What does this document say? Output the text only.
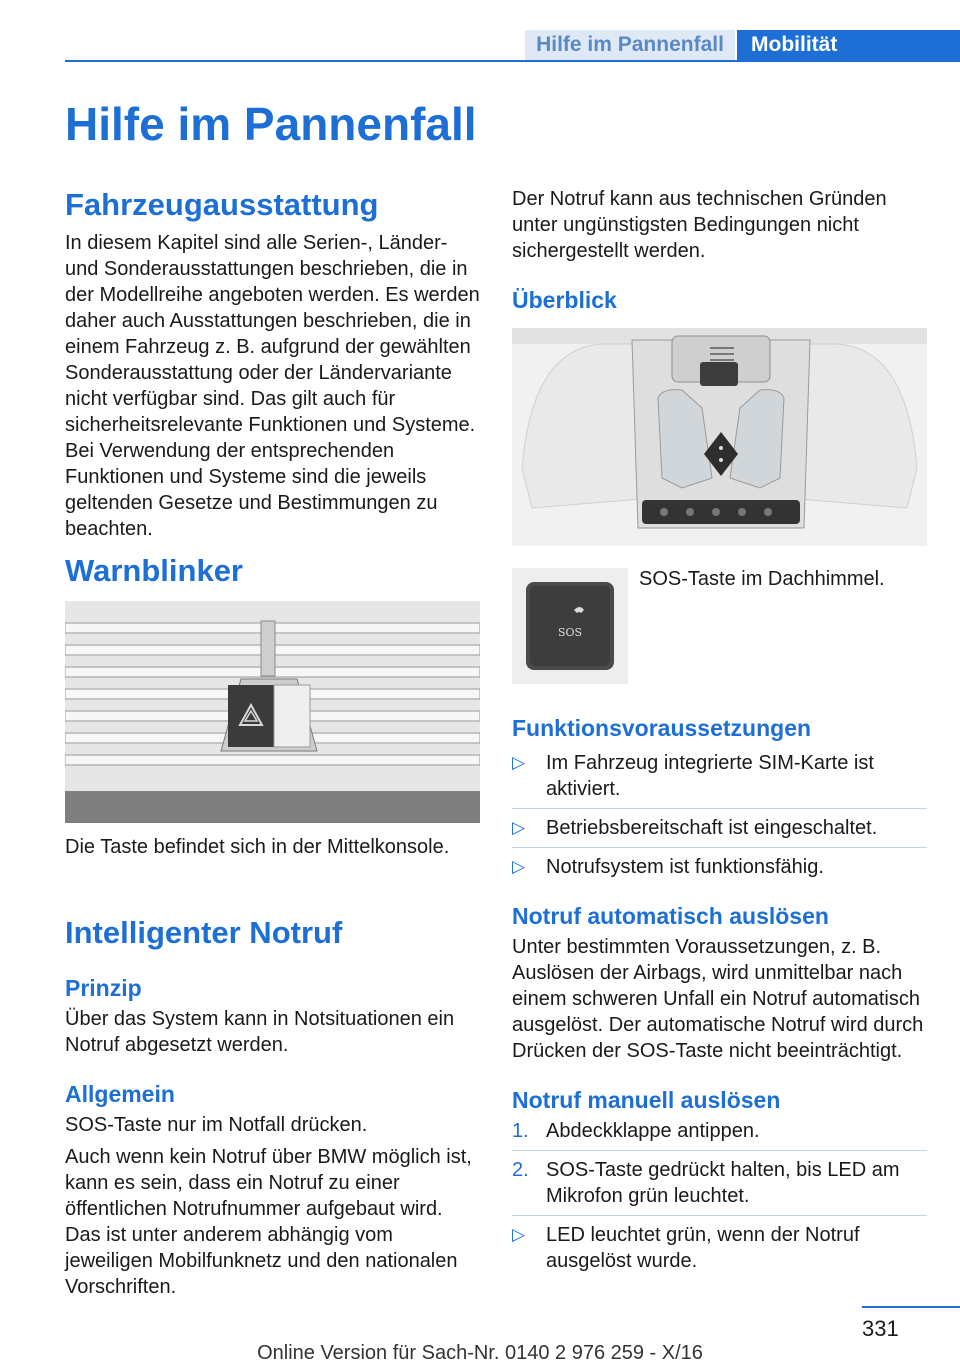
Hilfe im Pannenfall	Mobilität
Hilfe im Pannenfall
Fahrzeugausstattung

In diesem Kapitel sind alle Serien-, Länder- und Sonderausstattungen beschrieben, die in der Modellreihe angeboten werden. Es werden daher auch Ausstattungen beschrieben, die in einem Fahrzeug z. B. aufgrund der gewählten Sonderausstattung oder der Ländervariante nicht verfügbar sind. Das gilt auch für sicherheitsrelevante Funktionen und Systeme. Bei Verwendung der entsprechenden Funktionen und Systeme sind die jeweils geltenden Gesetze und Bestimmungen zu beachten.

Warnblinker
Die Taste befindet sich in der Mittelkonsole.
Intelligenter Notruf
Prinzip

Über das System kann in Notsituationen ein Notruf abgesetzt werden.

Allgemein

SOS-Taste nur im Notfall drücken.

Auch wenn kein Notruf über BMW möglich ist, kann es sein, dass ein Notruf zu einer öffentlichen Notrufnummer aufgebaut wird. Das ist unter anderem abhängig vom jeweiligen Mobilfunknetz und den nationalen Vorschriften.

Der Notruf kann aus technischen Gründen unter ungünstigsten Bedingungen nicht sichergestellt werden.

Überblick
SOS
SOS-Taste im Dachhimmel.
Funktionsvoraussetzungen
▷ Im Fahrzeug integrierte SIM-Karte ist aktiviert.
▷ Betriebsbereitschaft ist eingeschaltet.
▷ Notrufsystem ist funktionsfähig.
Notruf automatisch auslösen

Unter bestimmten Voraussetzungen, z. B. Auslösen der Airbags, wird unmittelbar nach einem schweren Unfall ein Notruf automatisch ausgelöst. Der automatische Notruf wird durch Drücken der SOS-Taste nicht beeinträchtigt.

Notruf manuell auslösen
1. Abdeckklappe antippen.
2. SOS-Taste gedrückt halten, bis LED am Mikrofon grün leuchtet.
▷ LED leuchtet grün, wenn der Notruf ausgelöst wurde.
331
Online Version für Sach-Nr. 0140 2 976 259 - X/16
